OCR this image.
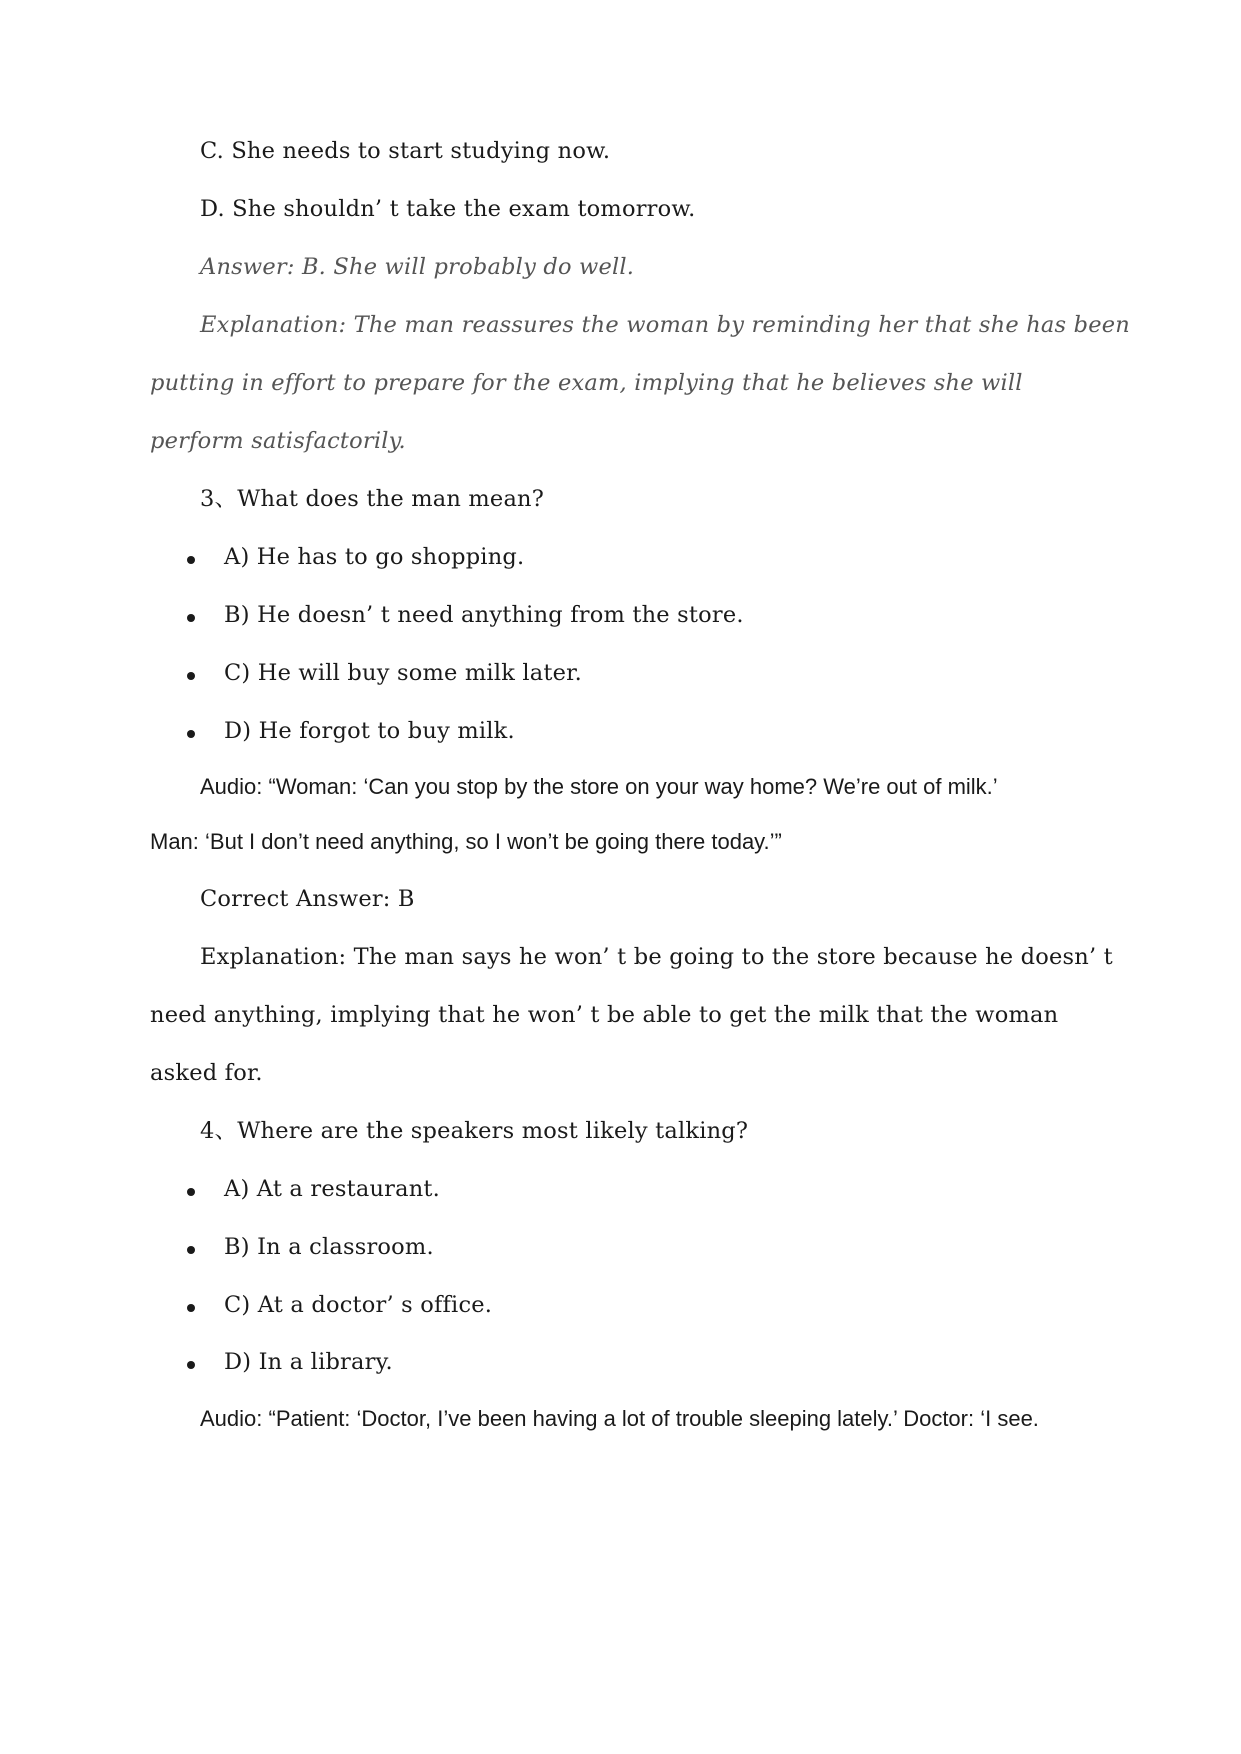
C. She needs to start studying now.
D. She shouldn’ t take the exam tomorrow.
Answer: B. She will probably do well.
Explanation: The man reassures the woman by reminding her that she has been
putting in effort to prepare for the exam, implying that he believes she will
perform satisfactorily.
3、What does the man mean?
A) He has to go shopping.
B) He doesn’ t need anything from the store.
C) He will buy some milk later.
D) He forgot to buy milk.
Audio: “Woman: ‘Can you stop by the store on your way home? We’re out of milk.’
Man: ‘But I don’t need anything, so I won’t be going there today.’”
Correct Answer: B
Explanation: The man says he won’ t be going to the store because he doesn’ t
need anything, implying that he won’ t be able to get the milk that the woman
asked for.
4、Where are the speakers most likely talking?
A) At a restaurant.
B) In a classroom.
C) At a doctor’ s office.
D) In a library.
Audio: “Patient: ‘Doctor, I’ve been having a lot of trouble sleeping lately.’ Doctor: ‘I see.
